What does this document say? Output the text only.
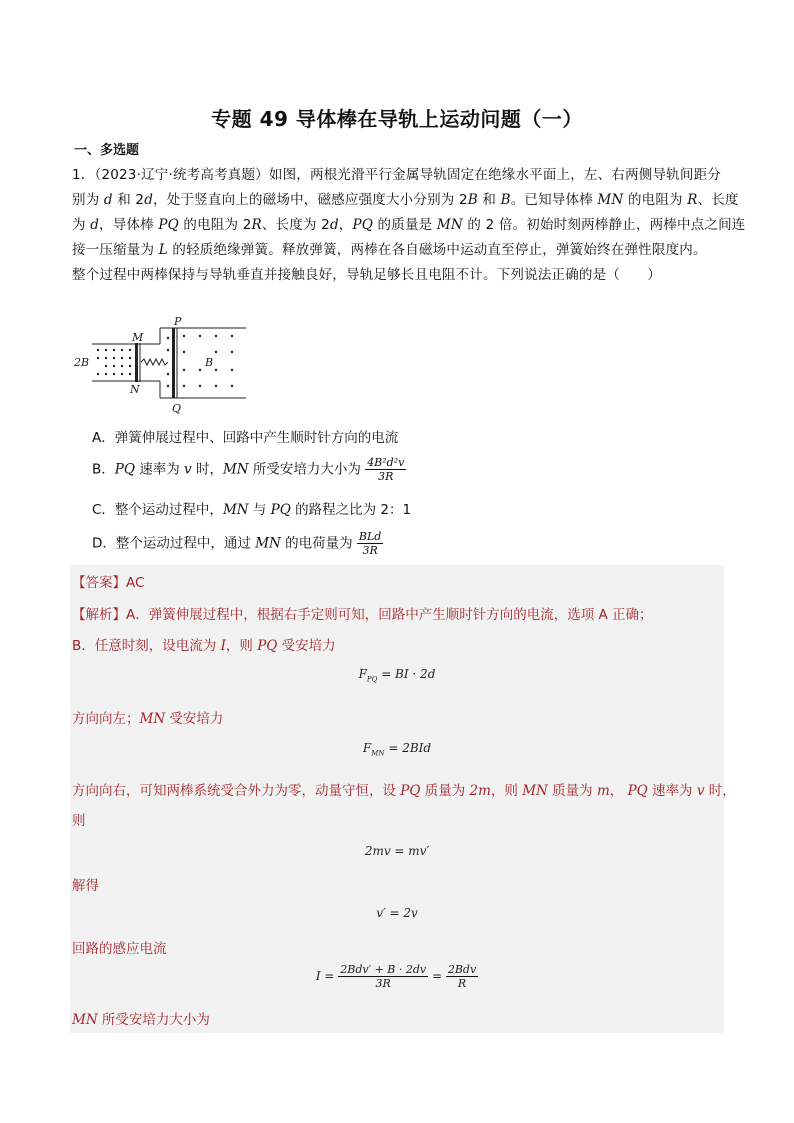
专题 49 导体棒在导轨上运动问题（一）
一、多选题

1．（2023·辽宁·统考高考真题）如图，两根光滑平行金属导轨固定在绝缘水平面上，左、右两侧导轨间距分

别为 d 和 2d，处于竖直向上的磁场中，磁感应强度大小分别为 2B 和 B。已知导体棒 MN 的电阻为 R、长度

为 d，导体棒 PQ 的电阻为 2R、长度为 2d，PQ 的质量是 MN 的 2 倍。初始时刻两棒静止，两棒中点之间连

接一压缩量为 L 的轻质绝缘弹簧。释放弹簧，两棒在各自磁场中运动直至停止，弹簧始终在弹性限度内。

整个过程中两棒保持与导轨垂直并接触良好，导轨足够长且电阻不计。下列说法正确的是（　　）

M
N
P
Q
2B	B
A．弹簧伸展过程中、回路中产生顺时针方向的电流
B．PQ 速率为 v 时，MN 所受安培力大小为 $\frac{\text{4B²d²v}}{3R}$
C．整个运动过程中，MN 与 PQ 的路程之比为 2：1
D．整个运动过程中，通过 MN 的电荷量为 $\frac{\text{BLd}}{3R}$
【答案】AC
【解析】A．弹簧伸展过程中，根据右手定则可知，回路中产生顺时针方向的电流，选项 A 正确；
B．任意时刻，设电流为 I，则 PQ 受安培力
$F_{PQ}$ = BI · 2d
方向向左；MN 受安培力
$F_{MN} = 2BId$
方向向右，可知两棒系统受合外力为零，动量守恒，设 PQ 质量为 2m，则 MN 质量为 m， PQ 速率为 v 时，
则
2mv = mv′
解得
v′ = 2v
回路的感应电流
$I = \frac{\text{2Bdv′ + B · 2dv}}{3R} = \frac{\text{2Bdv}}{R}$
MN 所受安培力大小为
